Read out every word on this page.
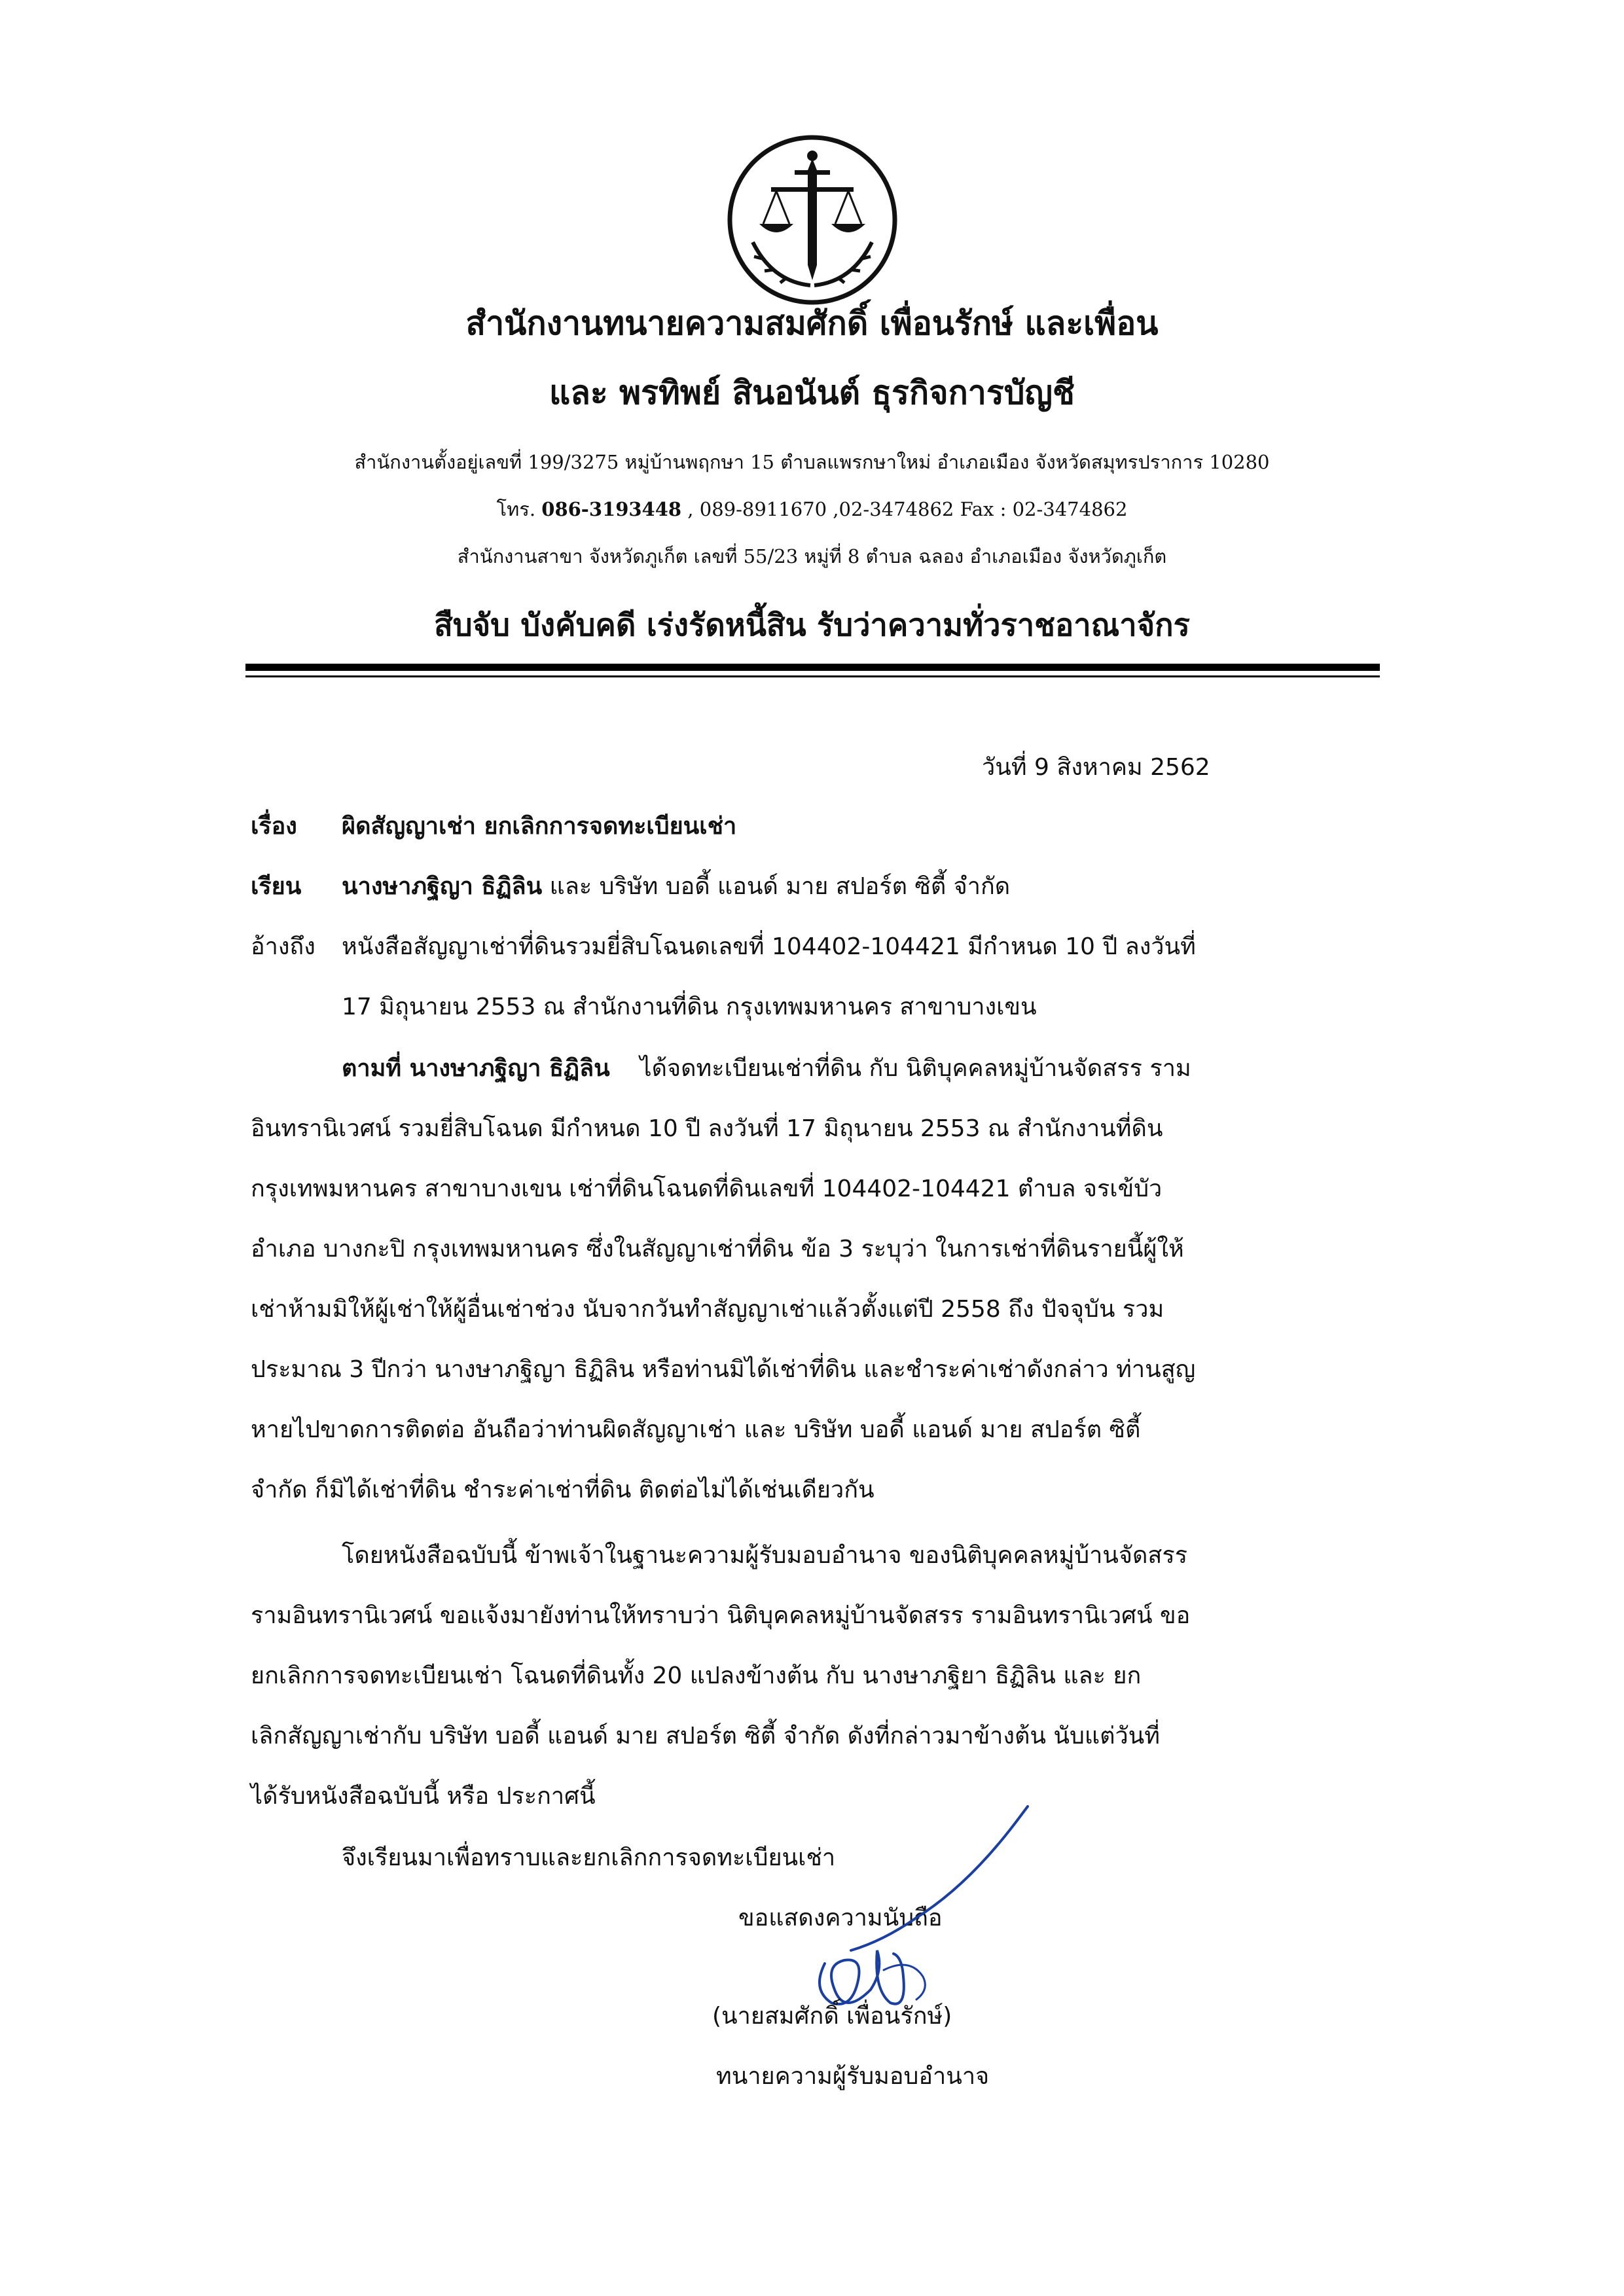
สำนักงานทนายความสมศักดิ์ เพื่อนรักษ์ และเพื่อน
และ พรทิพย์ สินอนันต์ ธุรกิจการบัญชี
สำนักงานตั้งอยู่เลขที่ 199/3275 หมู่บ้านพฤกษา 15 ตำบลแพรกษาใหม่ อำเภอเมือง จังหวัดสมุทรปราการ 10280
โทร. 086-3193448 , 089-8911670 ,02-3474862 Fax : 02-3474862
สำนักงานสาขา จังหวัดภูเก็ต เลขที่ 55/23 หมู่ที่ 8 ตำบล ฉลอง อำเภอเมือง จังหวัดภูเก็ต
สืบจับ บังคับคดี เร่งรัดหนี้สิน รับว่าความทั่วราชอาณาจักร
วันที่ 9 สิงหาคม 2562
เรื่อง ผิดสัญญาเช่า ยกเลิกการจดทะเบียนเช่า
เรียน นางษาภฐิญา ธิฏิลิน และ บริษัท บอดี้ แอนด์ มาย สปอร์ต ซิตี้ จำกัด
อ้างถึง หนังสือสัญญาเช่าที่ดินรวมยี่สิบโฉนดเลขที่ 104402-104421 มีกำหนด 10 ปี ลงวันที่
17 มิถุนายน 2553 ณ สำนักงานที่ดิน กรุงเทพมหานคร สาขาบางเขน
ตามที่ นางษาภฐิญา ธิฏิลิน ได้จดทะเบียนเช่าที่ดิน กับ นิติบุคคลหมู่บ้านจัดสรร ราม
อินทรานิเวศน์ รวมยี่สิบโฉนด มีกำหนด 10 ปี ลงวันที่ 17 มิถุนายน 2553 ณ สำนักงานที่ดิน
กรุงเทพมหานคร สาขาบางเขน เช่าที่ดินโฉนดที่ดินเลขที่ 104402-104421 ตำบล จรเข้บัว
อำเภอ บางกะปิ กรุงเทพมหานคร ซึ่งในสัญญาเช่าที่ดิน ข้อ 3 ระบุว่า ในการเช่าที่ดินรายนี้ผู้ให้
เช่าห้ามมิให้ผู้เช่าให้ผู้อื่นเช่าช่วง นับจากวันทำสัญญาเช่าแล้วตั้งแต่ปี 2558 ถึง ปัจจุบัน รวม
ประมาณ 3 ปีกว่า นางษาภฐิญา ธิฏิลิน หรือท่านมิได้เช่าที่ดิน และชำระค่าเช่าดังกล่าว ท่านสูญ
หายไปขาดการติดต่อ อันถือว่าท่านผิดสัญญาเช่า และ บริษัท บอดี้ แอนด์ มาย สปอร์ต ซิตี้
จำกัด ก็มิได้เช่าที่ดิน ชำระค่าเช่าที่ดิน ติดต่อไม่ได้เช่นเดียวกัน
โดยหนังสือฉบับนี้ ข้าพเจ้าในฐานะความผู้รับมอบอำนาจ ของนิติบุคคลหมู่บ้านจัดสรร
รามอินทรานิเวศน์ ขอแจ้งมายังท่านให้ทราบว่า นิติบุคคลหมู่บ้านจัดสรร รามอินทรานิเวศน์ ขอ
ยกเลิกการจดทะเบียนเช่า โฉนดที่ดินทั้ง 20 แปลงข้างต้น กับ นางษาภฐิยา ธิฏิลิน และ ยก
เลิกสัญญาเช่ากับ บริษัท บอดี้ แอนด์ มาย สปอร์ต ซิตี้ จำกัด ดังที่กล่าวมาข้างต้น นับแต่วันที่
ได้รับหนังสือฉบับนี้ หรือ ประกาศนี้
จึงเรียนมาเพื่อทราบและยกเลิกการจดทะเบียนเช่า
ขอแสดงความนับถือ
(นายสมศักดิ์ เพื่อนรักษ์)
ทนายความผู้รับมอบอำนาจ
